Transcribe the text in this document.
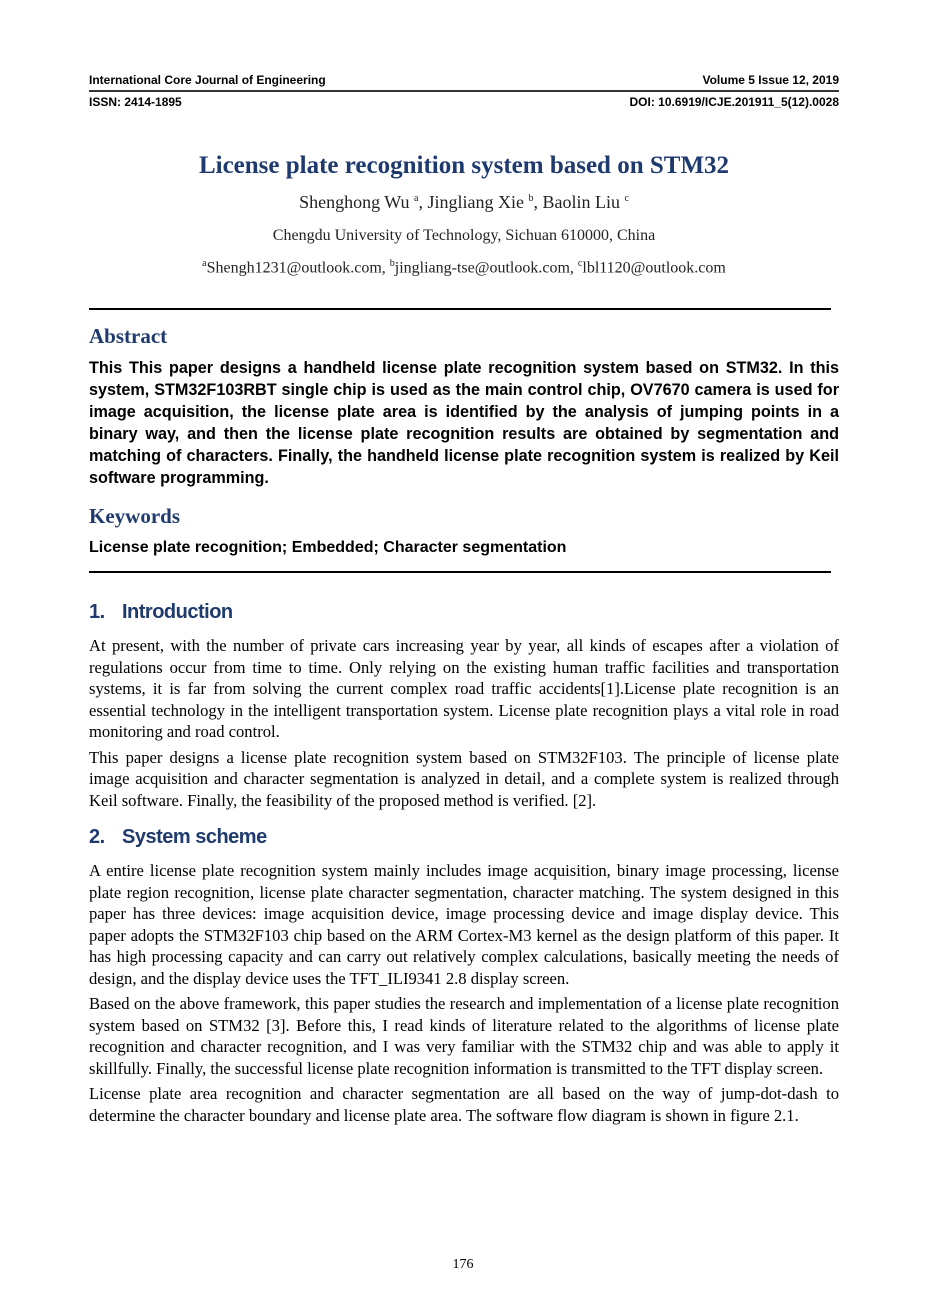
International Core Journal of Engineering	Volume 5 Issue 12, 2019
ISSN: 2414-1895	DOI: 10.6919/ICJE.201911_5(12).0028
License plate recognition system based on STM32
Shenghong Wu $^a$, Jingliang Xie $^b$, Baolin Liu $^c$
Chengdu University of Technology, Sichuan 610000, China
$^a$Shengh1231@outlook.com, $^b$jingliang-tse@outlook.com, $^c$lbl1120@outlook.com
Abstract
This This paper designs a handheld license plate recognition system based on STM32. In this system, STM32F103RBT single chip is used as the main control chip, OV7670 camera is used for image acquisition, the license plate area is identified by the analysis of jumping points in a binary way, and then the license plate recognition results are obtained by segmentation and matching of characters. Finally, the handheld license plate recognition system is realized by Keil software programming.
Keywords
License plate recognition; Embedded; Character segmentation
1. Introduction

At present, with the number of private cars increasing year by year, all kinds of escapes after a violation of regulations occur from time to time. Only relying on the existing human traffic facilities and transportation systems, it is far from solving the current complex road traffic accidents[1].License plate recognition is an essential technology in the intelligent transportation system. License plate recognition plays a vital role in road monitoring and road control.

This paper designs a license plate recognition system based on STM32F103. The principle of license plate image acquisition and character segmentation is analyzed in detail, and a complete system is realized through Keil software. Finally, the feasibility of the proposed method is verified. [2].

2. System scheme

A entire license plate recognition system mainly includes image acquisition, binary image processing, license plate region recognition, license plate character segmentation, character matching. The system designed in this paper has three devices: image acquisition device, image processing device and image display device. This paper adopts the STM32F103 chip based on the ARM Cortex-M3 kernel as the design platform of this paper. It has high processing capacity and can carry out relatively complex calculations, basically meeting the needs of design, and the display device uses the TFT_ILI9341 2.8 display screen.

Based on the above framework, this paper studies the research and implementation of a license plate recognition system based on STM32 [3]. Before this, I read kinds of literature related to the algorithms of license plate recognition and character recognition, and I was very familiar with the STM32 chip and was able to apply it skillfully. Finally, the successful license plate recognition information is transmitted to the TFT display screen.

License plate area recognition and character segmentation are all based on the way of jump-dot-dash to determine the character boundary and license plate area. The software flow diagram is shown in figure 2.1.

176
